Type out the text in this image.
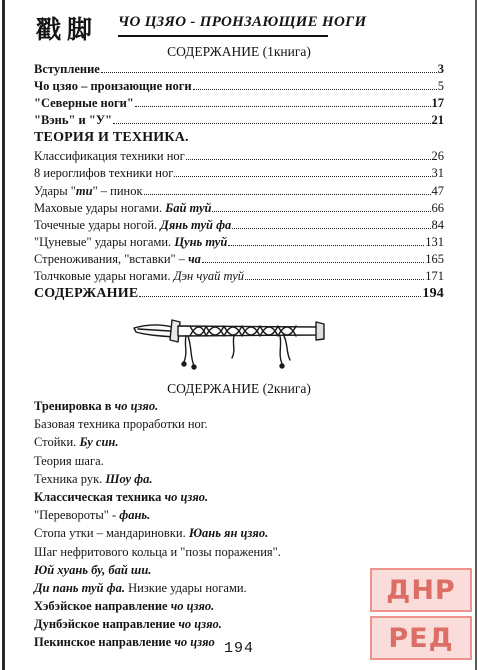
戳脚 ЧО ЦЗЯО - ПРОНЗАЮЩИЕ НОГИ
СОДЕРЖАНИЕ (1книга)
Вступление	3
Чо цзяо – пронзающие ноги	5
"Северные ноги"	17
"Вэнь" и "У"	21
ТЕОРИЯ И ТЕХНИКА.
Классификация техники ног	26
8 иероглифов техники ног	31
Удары "ти" – пинок	47
Маховые удары ногами. Бай туй	66
Точечные удары ногой. Дянь туй фа	84
"Цуневые" удары ногами. Цунь туй	131
Стреноживания, "вставки" – ча	165
Толчковые удары ногами. Дэн чуай туй	171
СОДЕРЖАНИЕ	194
СОДЕРЖАНИЕ (2книга)
Тренировка в чо цзяо.
Базовая техника проработки ног.
Стойки. Бу син.
Теория шага.
Техника рук. Шоу фа.
Классическая техника чо цзяо.
"Перевороты" - фань.
Стопа утки – мандариновки. Юань ян цзяо.
Шаг нефритового кольца и "позы поражения".
Юй хуань бу, бай ши.
Ди пань туй фа. Низкие удары ногами.
Хэбэйское направление чо цзяо.
Дунбэйское направление чо цзяо.
Пекинское направление чо цзяо 194
ДНР
РЕД
